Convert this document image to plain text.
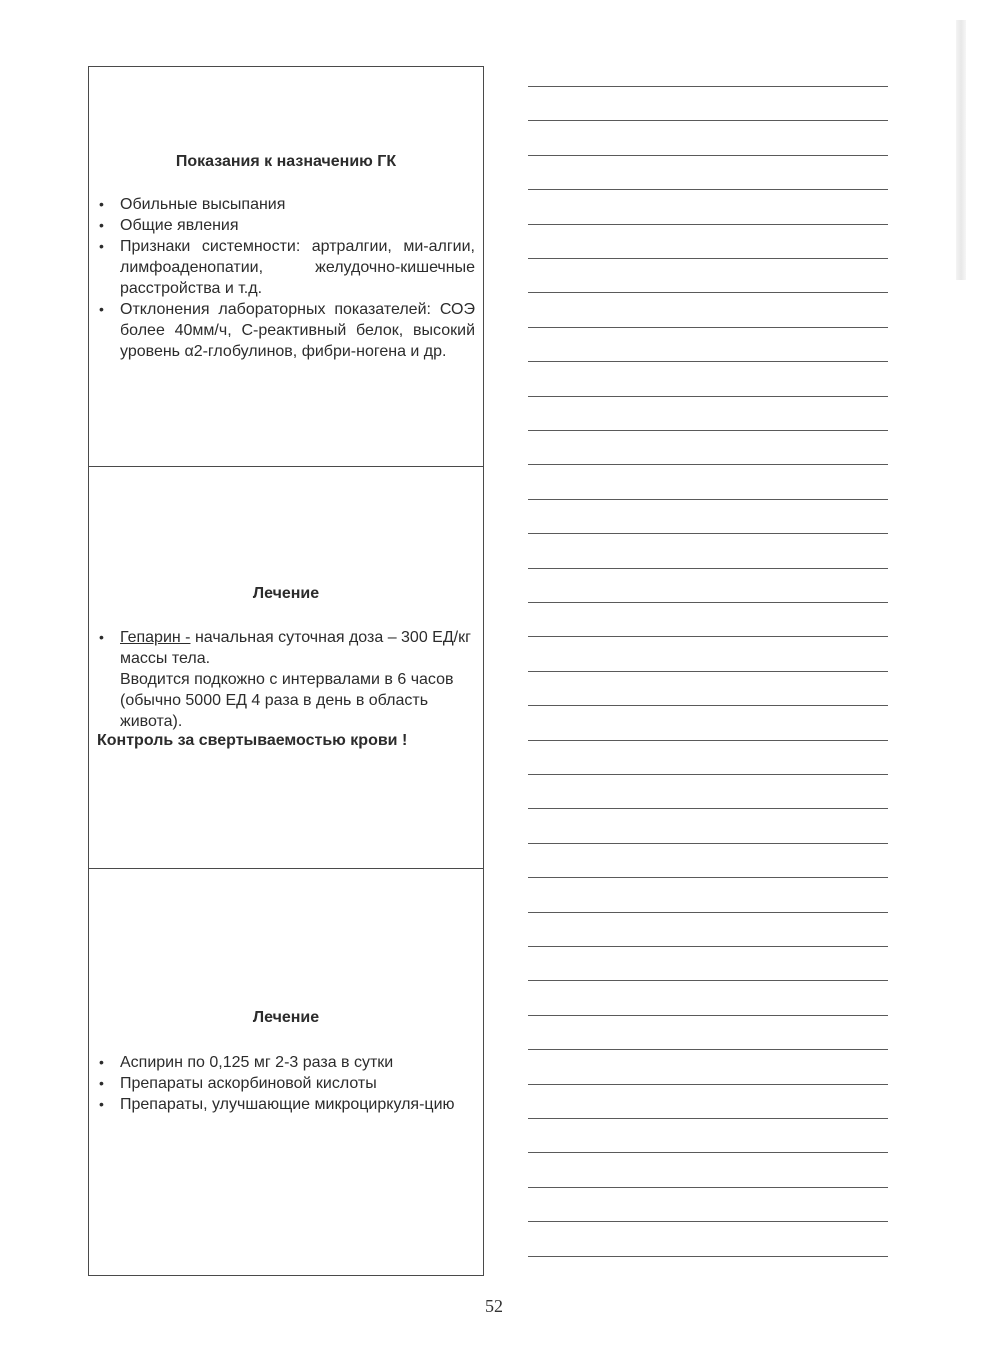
Показания к назначению ГК
• Обильные высыпания
• Общие явления
• Признаки системности: артралгии, ми-алгии, лимфоаденопатии, желудочно-кишечные расстройства и т.д.
• Отклонения лабораторных показателей: СОЭ более 40мм/ч, С-реактивный белок, высокий уровень α2-глобулинов, фибри-ногена и др.
Лечение
• Гепарин - начальная суточная доза – 300 ЕД/кг массы тела.
Вводится подкожно с интервалами в 6 часов (обычно 5000 ЕД 4 раза в день в область живота).

Контроль за свертываемостью крови !

Лечение
• Аспирин по 0,125 мг 2-3 раза в сутки
• Препараты аскорбиновой кислоты
• Препараты, улучшающие микроциркуля-цию
52
